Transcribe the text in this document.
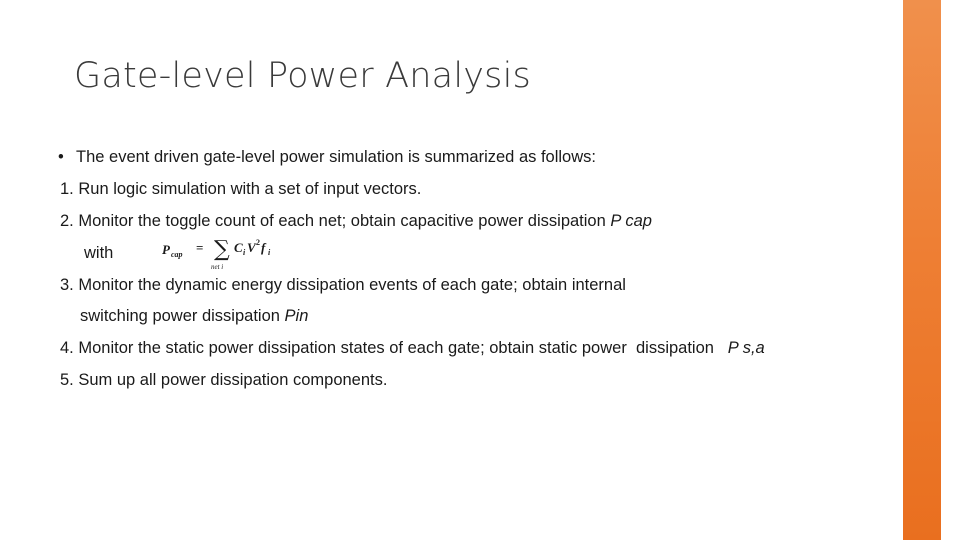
Gate-level Power Analysis
• The event driven gate-level power simulation is summarized as follows:
1. Run logic simulation with a set of input vectors.
2. Monitor the toggle count of each net; obtain capacitive power dissipation P cap
with	P cap = ∑
net i
C i V 2 f i
3. Monitor the dynamic energy dissipation events of each gate; obtain internal
switching power dissipation Pin
4. Monitor the static power dissipation states of each gate; obtain static power  dissipation   P s,a
5. Sum up all power dissipation components.
